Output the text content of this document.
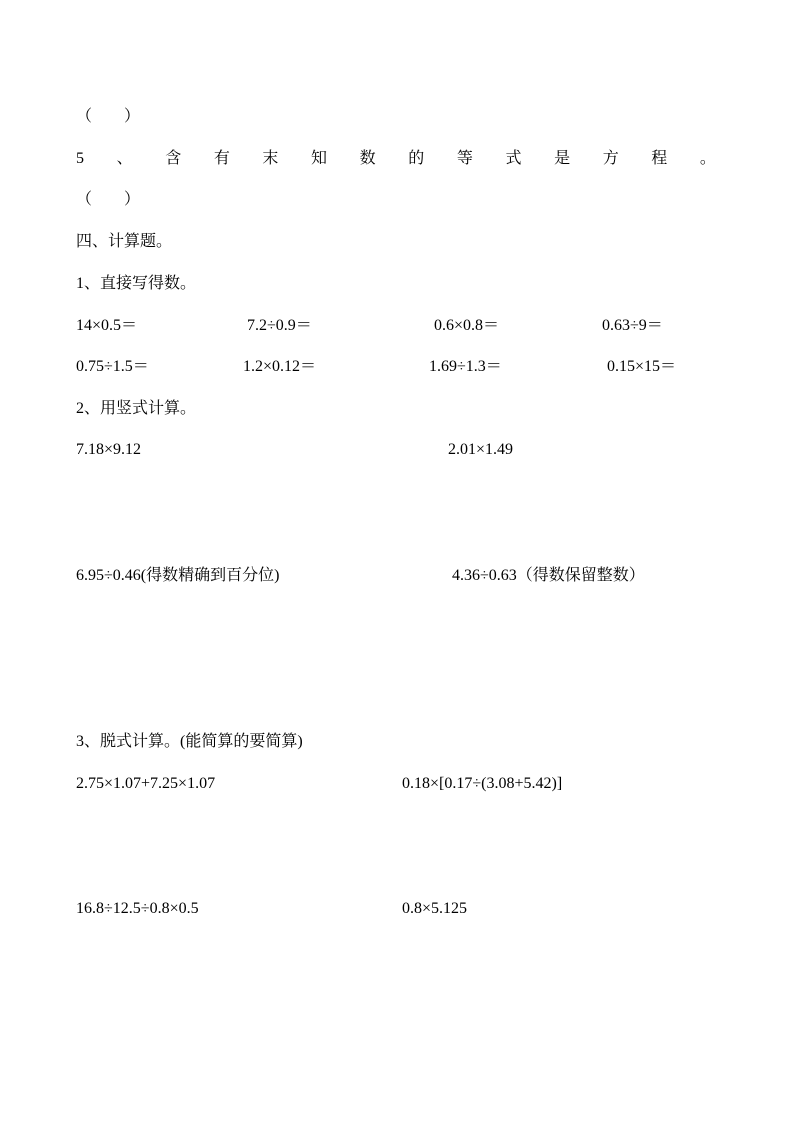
（　　）
5 、 含 有 末 知 数 的 等 式 是 方 程 。
（　　）
四、计算题。
1、直接写得数。
14×0.5＝	7.2÷0.9＝	0.6×0.8＝	0.63÷9＝
0.75÷1.5＝	1.2×0.12＝	1.69÷1.3＝	0.15×15＝
2、用竖式计算。
7.18×9.12	2.01×1.49
6.95÷0.46(得数精确到百分位)	4.36÷0.63（得数保留整数）
3、脱式计算。(能简算的要简算)
2.75×1.07+7.25×1.07	0.18×[0.17÷(3.08+5.42)]
16.8÷12.5÷0.8×0.5	0.8×5.125
